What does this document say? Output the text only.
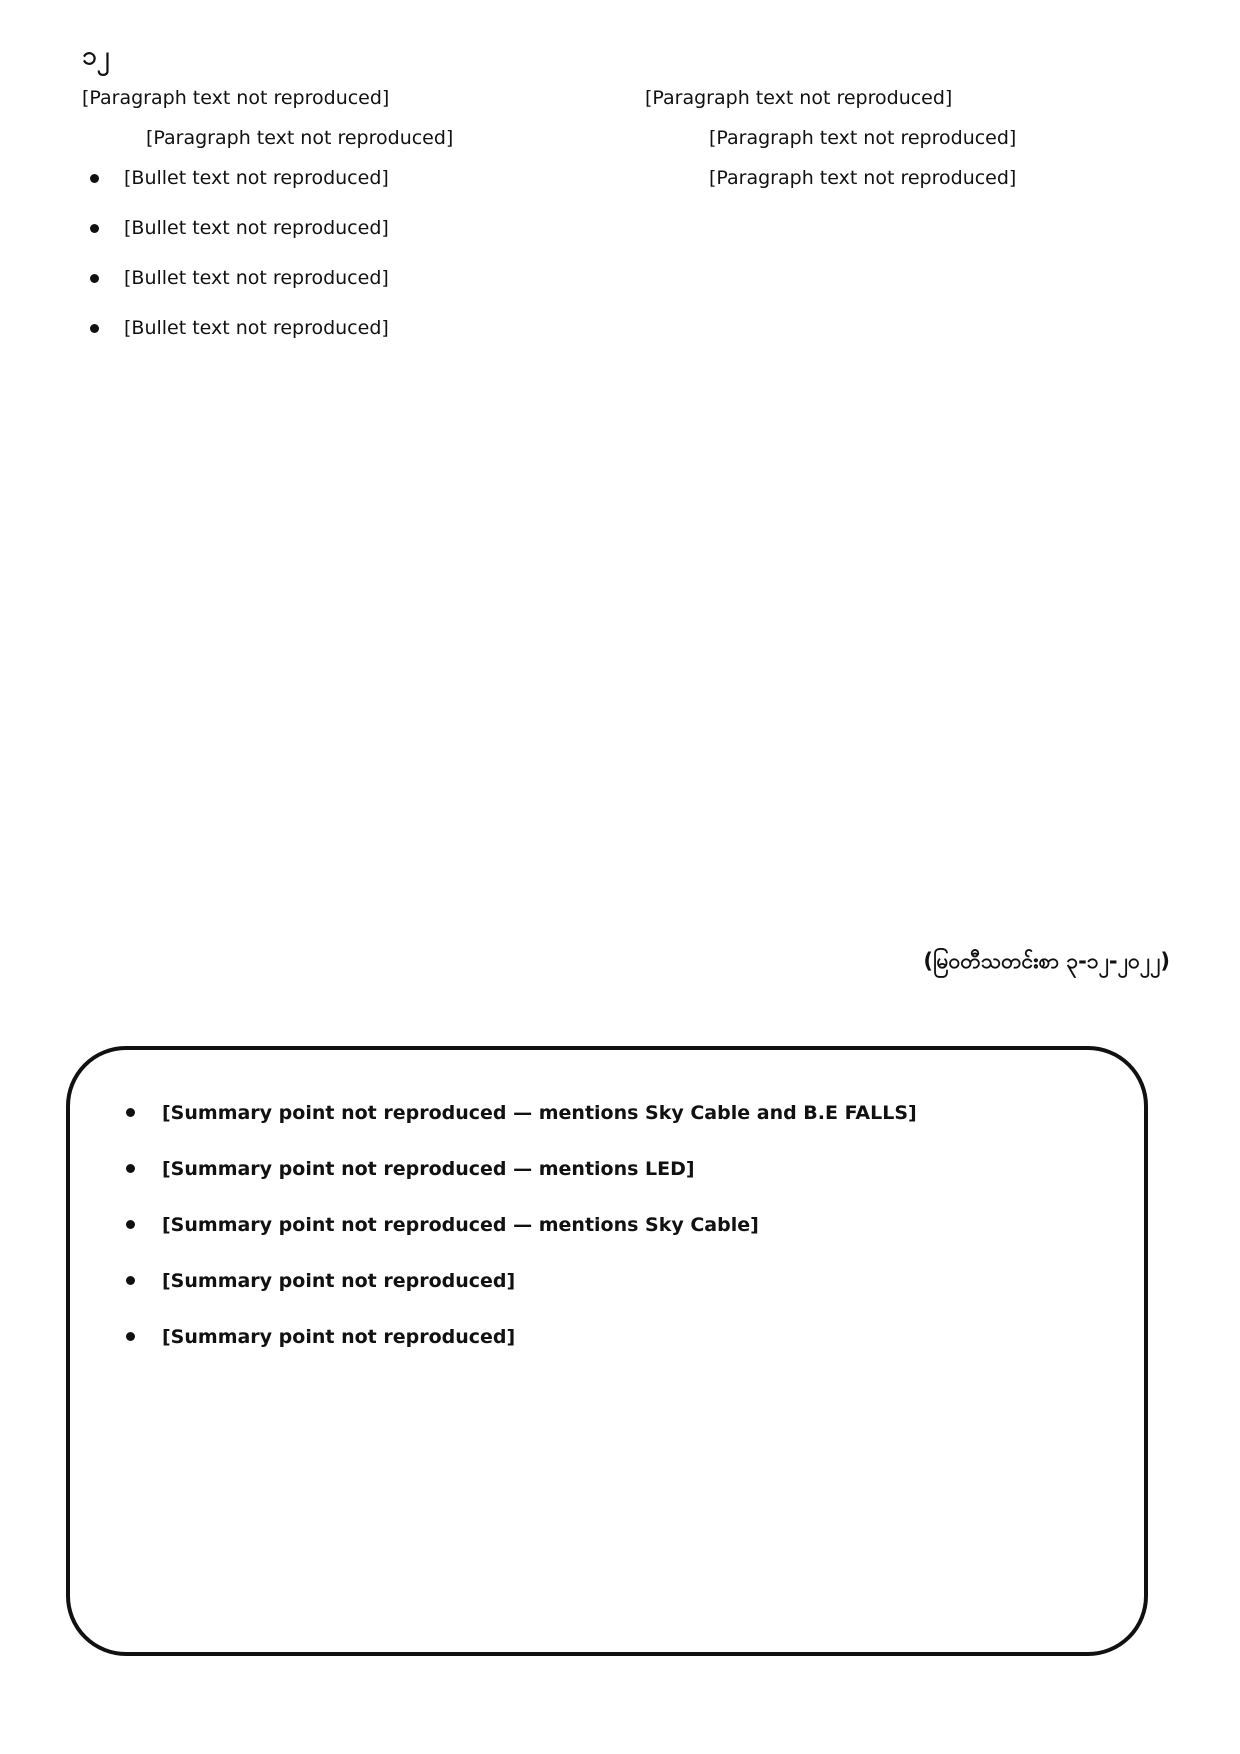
၁၂

[Paragraph text not reproduced]

[Paragraph text not reproduced]

[Bullet text not reproduced]
[Bullet text not reproduced]
[Bullet text not reproduced]
[Bullet text not reproduced]

[Paragraph text not reproduced]

[Paragraph text not reproduced]

[Paragraph text not reproduced]

(မြဝတီသတင်းစာ ၃-၁၂-၂၀၂၂)
[Summary point not reproduced — mentions Sky Cable and B.E FALLS]
[Summary point not reproduced — mentions LED]
[Summary point not reproduced — mentions Sky Cable]
[Summary point not reproduced]
[Summary point not reproduced]
